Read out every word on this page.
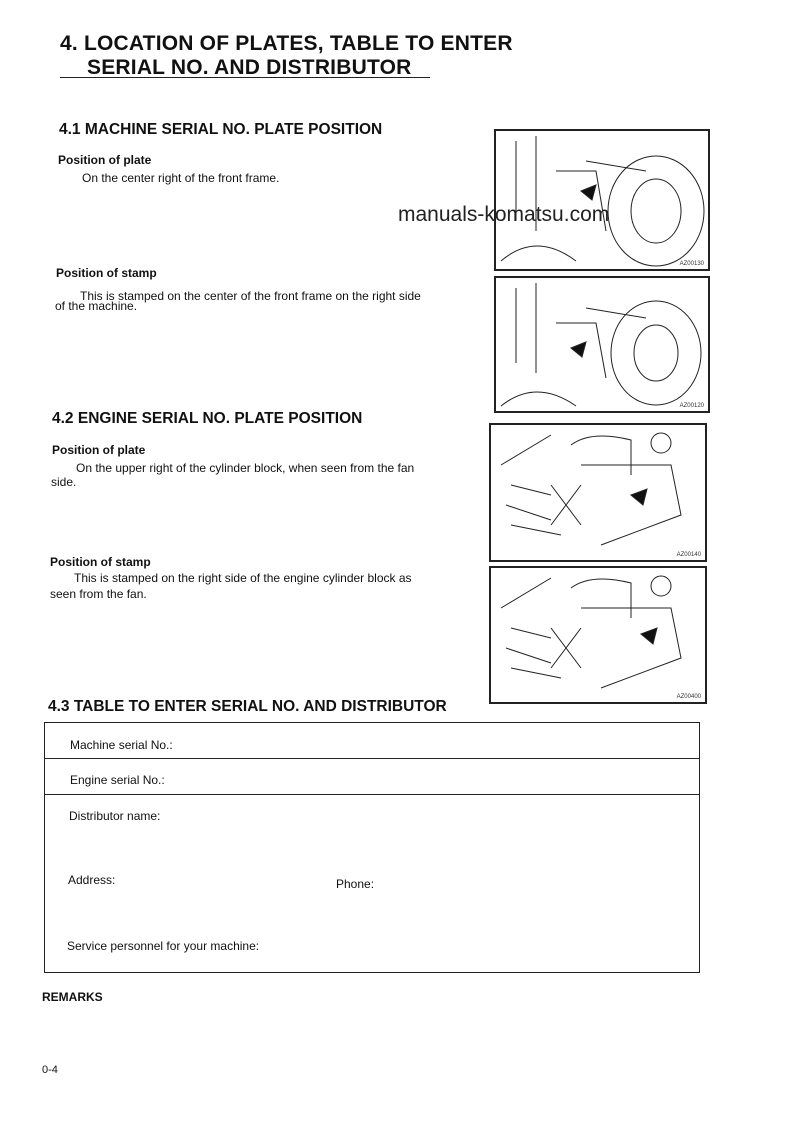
4. LOCATION OF PLATES, TABLE TO ENTER
SERIAL NO. AND DISTRIBUTOR
4.1 MACHINE SERIAL NO. PLATE POSITION
Position of plate
On the center right of the front frame.
Position of stamp
This is stamped on the center of the front frame on the right side
of the machine.
AZ00130
AZ00120
manuals-komatsu.com
4.2 ENGINE SERIAL NO. PLATE POSITION
Position of plate
On the upper right of the cylinder block, when seen from the fan
side.
Position of stamp
This is stamped on the right side of the engine cylinder block as
seen from the fan.
AZ00140
AZ00400
4.3 TABLE TO ENTER SERIAL NO. AND DISTRIBUTOR
Machine serial No.:
Engine serial No.:
Distributor name:
Address:	Phone:
Service personnel for your machine:
REMARKS
0-4
